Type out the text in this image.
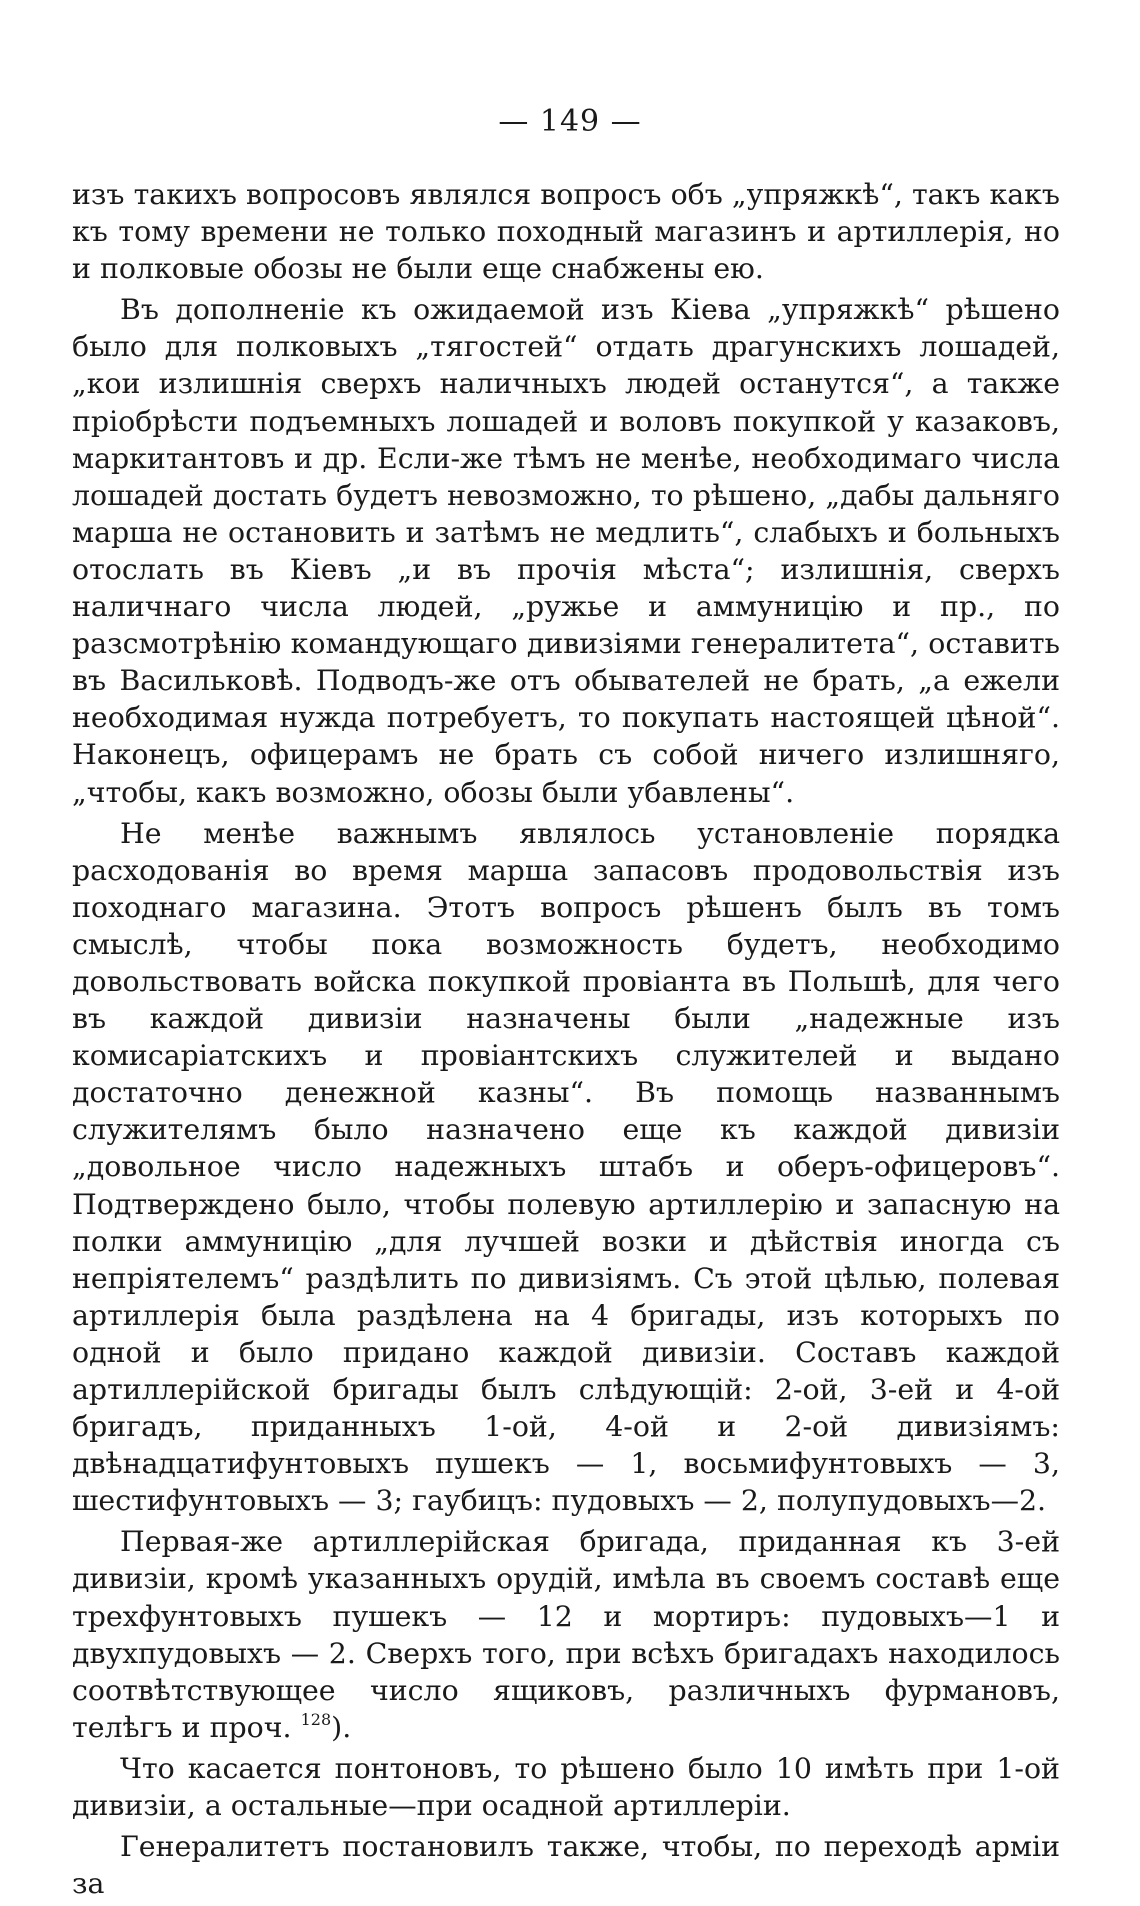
— 149 —

изъ такихъ вопросовъ являлся вопросъ объ „упряжкѣ“, такъ какъ къ тому времени не только походный магазинъ и артиллерія, но и полковые обозы не были еще снабжены ею.

Въ дополненіе къ ожидаемой изъ Кіева „упряжкѣ“ рѣшено было для полковыхъ „тягостей“ отдать драгунскихъ лошадей, „кои излишнія сверхъ наличныхъ людей останутся“, а также пріобрѣсти подъемныхъ лошадей и воловъ покупкой у казаковъ, маркитантовъ и др. Если-же тѣмъ не менѣе, необходимаго числа лошадей достать будетъ невозможно, то рѣшено, „дабы дальняго марша не остановить и затѣмъ не медлить“, слабыхъ и больныхъ отослать въ Кіевъ „и въ прочія мѣста“; излишнія, сверхъ наличнаго числа людей, „ружье и аммуницію и пр., по разсмотрѣнію командующаго дивизіями генералитета“, оставить въ Васильковѣ. Подводъ-же отъ обывателей не брать, „а ежели необходимая нужда потребуетъ, то покупать настоящей цѣной“. Наконецъ, офицерамъ не брать съ собой ничего излишняго, „чтобы, какъ возможно, обозы были убавлены“.

Не менѣе важнымъ являлось установленіе порядка расходованія во время марша запасовъ продовольствія изъ походнаго магазина. Этотъ вопросъ рѣшенъ былъ въ томъ смыслѣ, чтобы пока возможность будетъ, необходимо довольствовать войска покупкой провіанта въ Польшѣ, для чего въ каждой дивизіи назначены были „надежные изъ комисаріатскихъ и провіантскихъ служителей и выдано достаточно денежной казны“. Въ помощь названнымъ служителямъ было назначено еще къ каждой дивизіи „довольное число надежныхъ штабъ и оберъ-офицеровъ“. Подтверждено было, чтобы полевую артиллерію и запасную на полки аммуницію „для лучшей возки и дѣйствія иногда съ непріятелемъ“ раздѣлить по дивизіямъ. Съ этой цѣлью, полевая артиллерія была раздѣлена на 4 бригады, изъ которыхъ по одной и было придано каждой дивизіи. Составъ каждой артиллерійской бригады былъ слѣдующій: 2-ой, 3-ей и 4-ой бригадъ, приданныхъ 1-ой, 4-ой и 2-ой дивизіямъ: двѣнадцатифунтовыхъ пушекъ — 1, восьмифунтовыхъ — 3, шестифунтовыхъ — 3; гаубицъ: пудовыхъ — 2, полупудовыхъ—2.

Первая-же артиллерійская бригада, приданная къ 3-ей дивизіи, кромѣ указанныхъ орудій, имѣла въ своемъ составѣ еще трехфунтовыхъ пушекъ — 12 и мортиръ: пудовыхъ—1 и двухпудовыхъ — 2. Сверхъ того, при всѣхъ бригадахъ находилось соотвѣтствующее число ящиковъ, различныхъ фурмановъ, телѣгъ и проч. $^{128}$).

Что касается понтоновъ, то рѣшено было 10 имѣть при 1-ой дивизіи, а остальные—при осадной артиллеріи.

Генералитетъ постановилъ также, чтобы, по переходѣ арміи за
